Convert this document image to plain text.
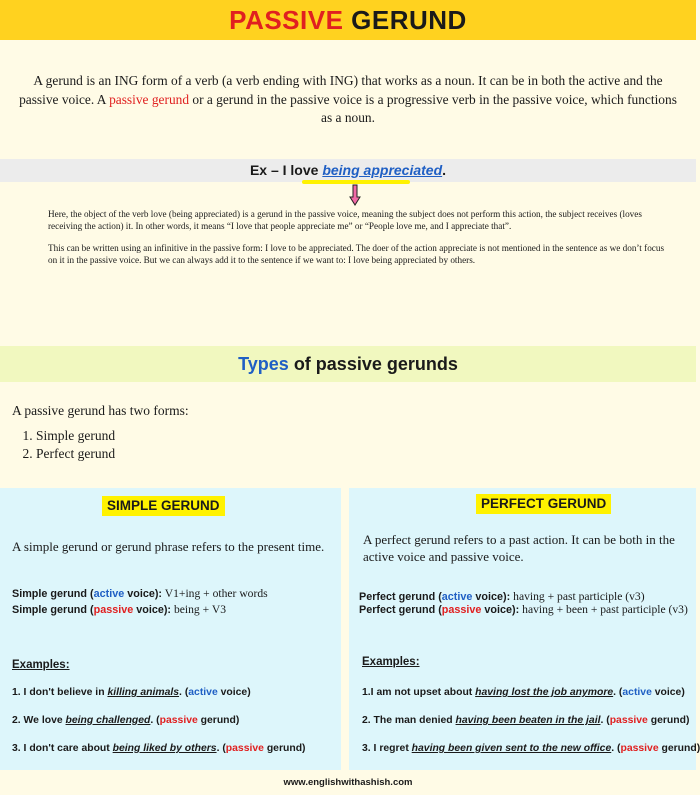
PASSIVE GERUND
A gerund is an ING form of a verb (a verb ending with ING) that works as a noun. It can be in both the active and the passive voice. A passive gerund or a gerund in the passive voice is a progressive verb in the passive voice, which functions as a noun.
Ex – I love being appreciated.

Here, the object of the verb love (being appreciated) is a gerund in the passive voice, meaning the subject does not perform this action, the subject receives (loves receiving the action) it. In other words, it means “I love that people appreciate me” or “People love me, and I appreciate that”.

This can be written using an infinitive in the passive form: I love to be appreciated. The doer of the action appreciate is not mentioned in the sentence as we don’t focus on it in the passive voice. But we can always add it to the sentence if we want to: I love being appreciated by others.

Types of passive gerunds
A passive gerund has two forms:
1. Simple gerund
2. Perfect gerund
SIMPLE GERUND
A simple gerund or gerund phrase refers to the present time.
Simple gerund (active voice): V1+ing + other words
Simple gerund (passive voice): being + V3
Examples:
1. I don't believe in killing animals. (active voice)
2. We love being challenged. (passive gerund)
3. I don't care about being liked by others. (passive gerund)
PERFECT GERUND
A perfect gerund refers to a past action. It can be both in the active voice and passive voice.
Perfect gerund (active voice): having + past participle (v3)
Perfect gerund (passive voice): having + been + past participle (v3)
Examples:
1.I am not upset about having lost the job anymore. (active voice)
2. The man denied having been beaten in the jail. (passive gerund)
3. I regret having been given sent to the new office. (passive gerund)
www.englishwithashish.com
